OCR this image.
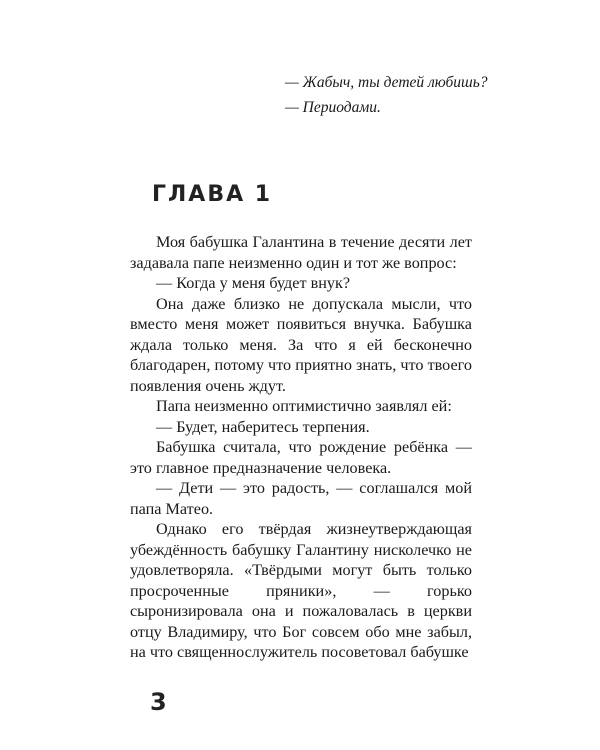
— Жабыч, ты детей любишь?
— Периодами.
ГЛАВА 1

Моя бабушка Галантина в течение десяти лет задавала папе неизменно один и тот же вопрос:

— Когда у меня будет внук?

Она даже близко не допускала мысли, что вместо меня может появиться внучка. Бабушка ждала только меня. За что я ей бесконечно благодарен, потому что приятно знать, что твоего появления очень ждут.

Папа неизменно оптимистично заявлял ей:

— Будет, наберитесь терпения.

Бабушка считала, что рождение ребёнка — это главное предназначение человека.

— Дети — это радость, — соглашался мой папа Матео.

Однако его твёрдая жизнеутверждающая убеждённость бабушку Галантину нисколечко не удовлетворяла. «Твёрдыми могут быть только просроченные пряники», — горько сыронизировала она и пожаловалась в церкви отцу Владимиру, что Бог совсем обо мне забыл, на что священнослужитель посоветовал бабушке

3
